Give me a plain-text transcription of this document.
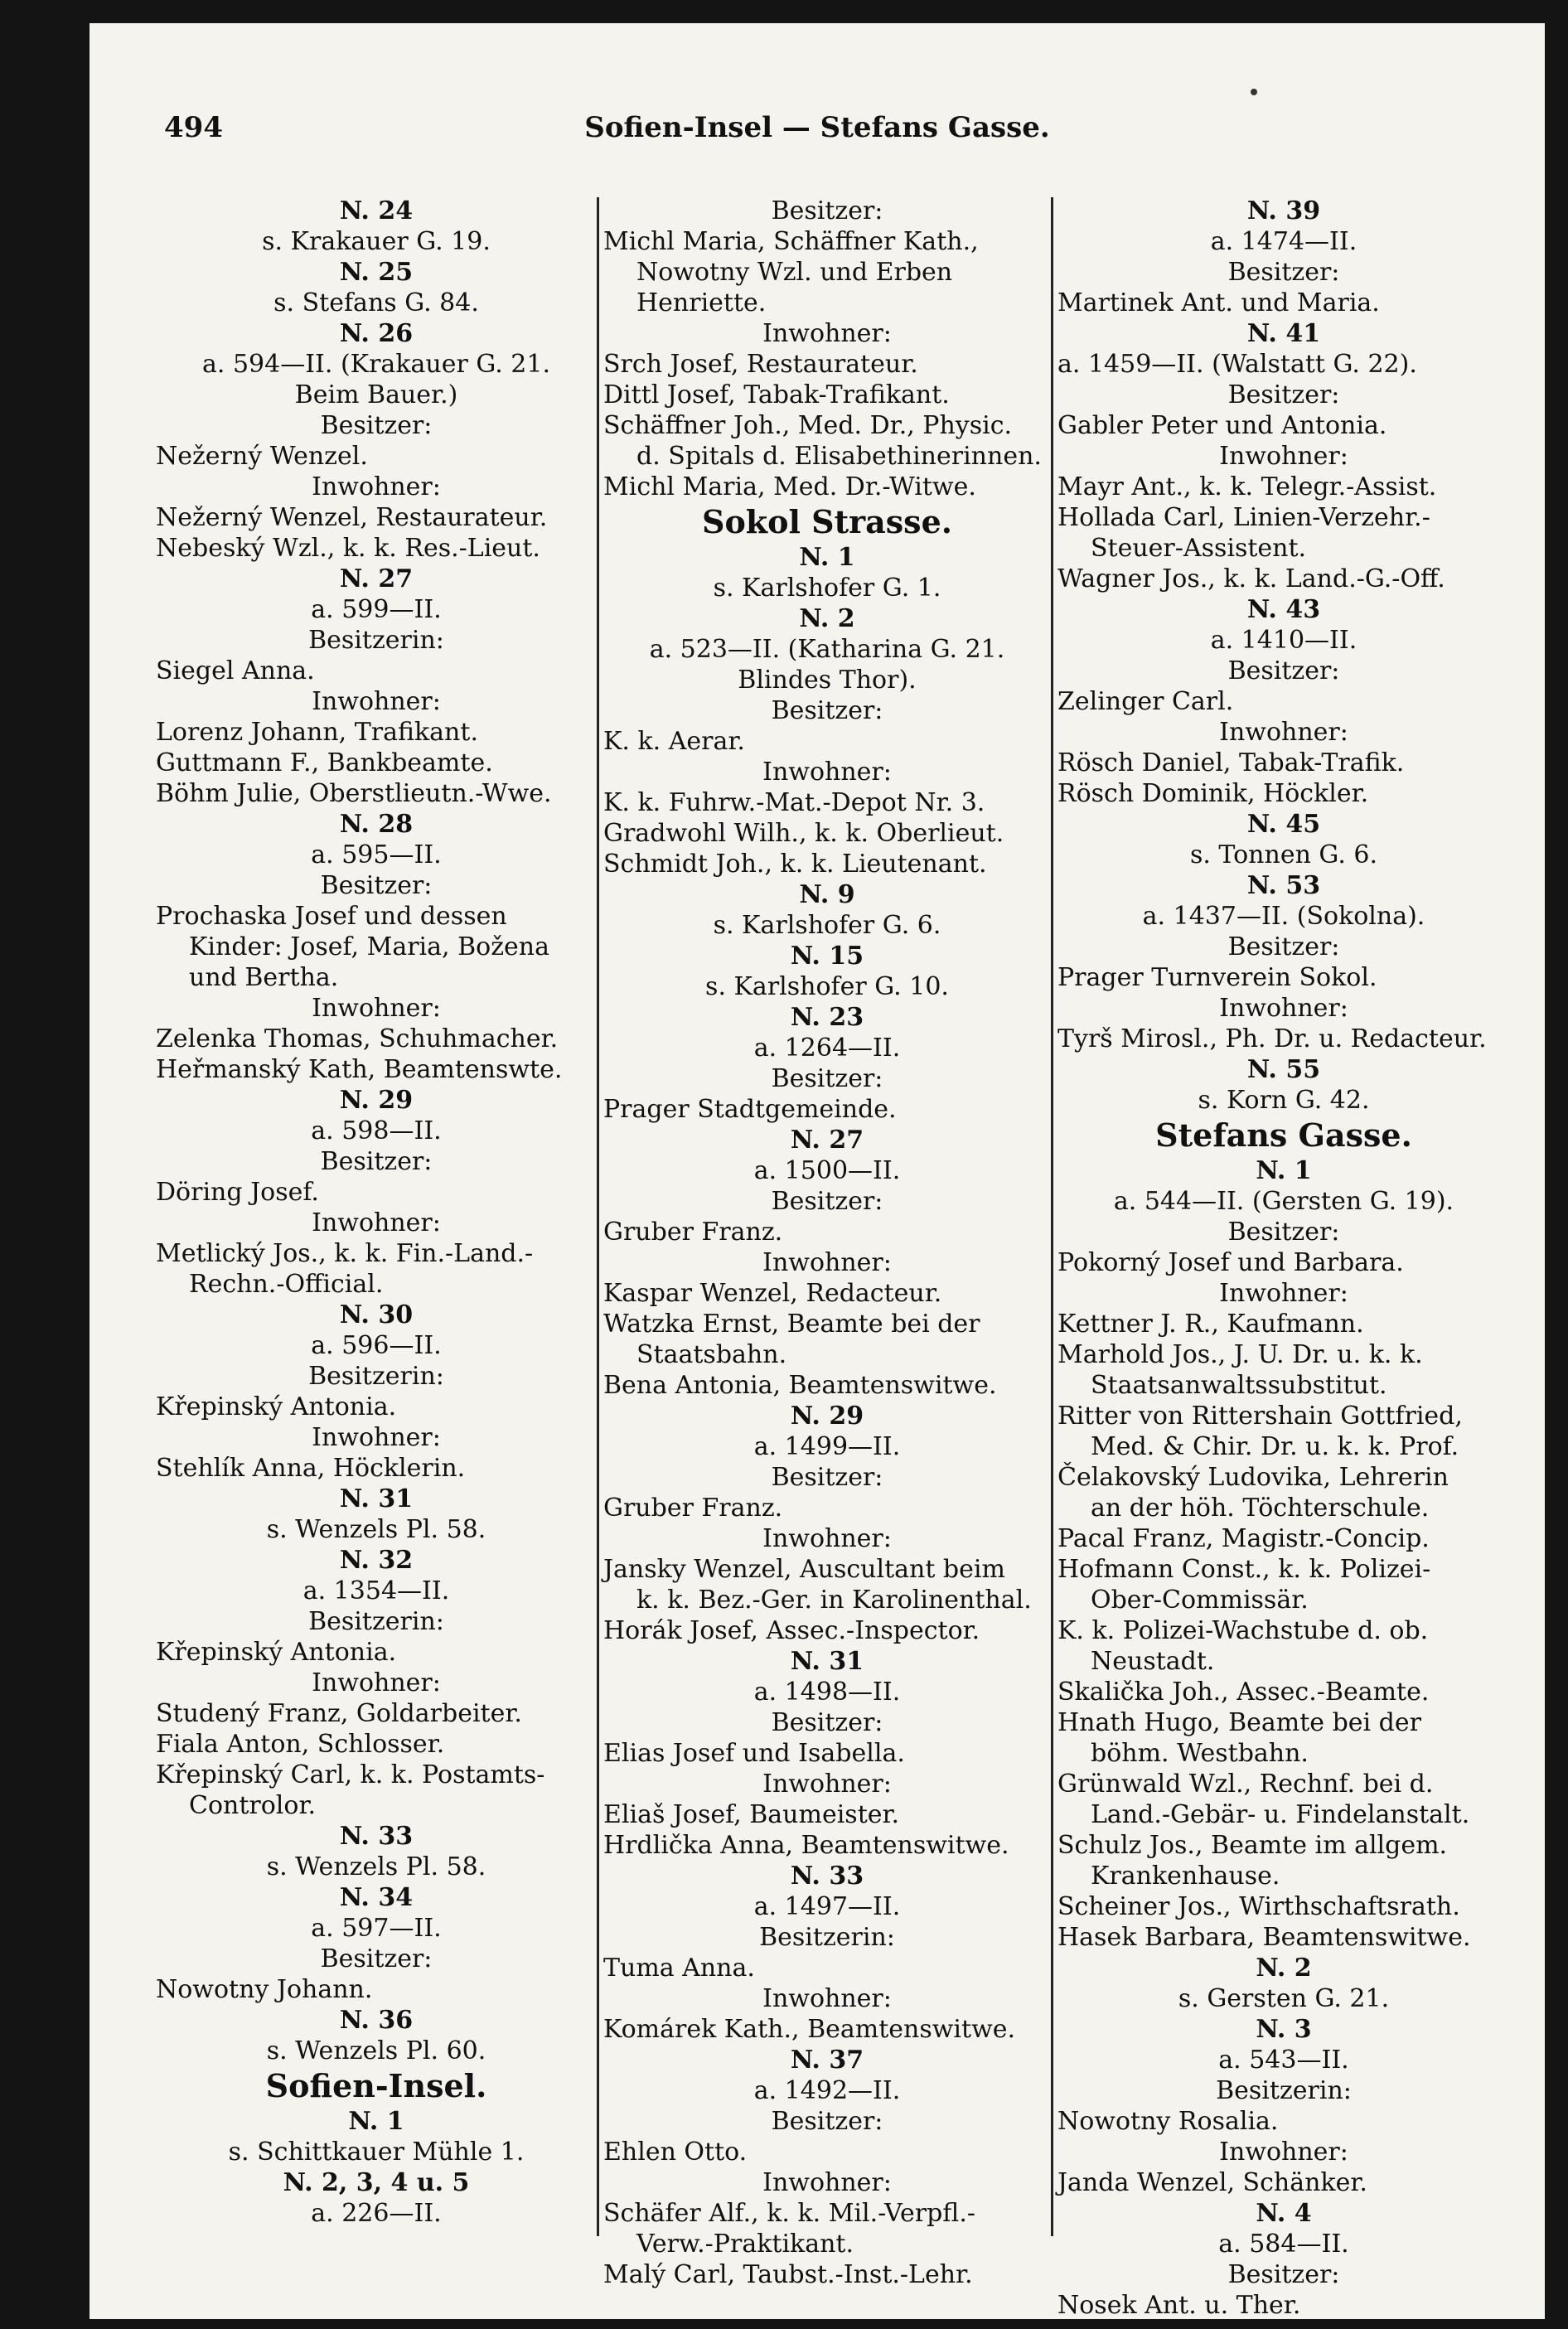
494	Sofien-Insel — Stefans Gasse.
N. 24
s. Krakauer G. 19.
N. 25
s. Stefans G. 84.
N. 26
a. 594—II. (Krakauer G. 21.
Beim Bauer.)
Besitzer:
Nežerný Wenzel.
Inwohner:
Nežerný Wenzel, Restaurateur.
Nebeský Wzl., k. k. Res.-Lieut.
N. 27
a. 599—II.
Besitzerin:
Siegel Anna.
Inwohner:
Lorenz Johann, Trafikant.
Guttmann F., Bankbeamte.
Böhm Julie, Oberstlieutn.-Wwe.
N. 28
a. 595—II.
Besitzer:
Prochaska Josef und dessen
Kinder: Josef, Maria, Božena
und Bertha.
Inwohner:
Zelenka Thomas, Schuhmacher.
Heřmanský Kath, Beamtenswte.
N. 29
a. 598—II.
Besitzer:
Döring Josef.
Inwohner:
Metlický Jos., k. k. Fin.-Land.-
Rechn.-Official.
N. 30
a. 596—II.
Besitzerin:
Křepinský Antonia.
Inwohner:
Stehlík Anna, Höcklerin.
N. 31
s. Wenzels Pl. 58.
N. 32
a. 1354—II.
Besitzerin:
Křepinský Antonia.
Inwohner:
Studený Franz, Goldarbeiter.
Fiala Anton, Schlosser.
Křepinský Carl, k. k. Postamts-
Controlor.
N. 33
s. Wenzels Pl. 58.
N. 34
a. 597—II.
Besitzer:
Nowotny Johann.
N. 36
s. Wenzels Pl. 60.
Sofien-Insel.
N. 1
s. Schittkauer Mühle 1.
N. 2, 3, 4 u. 5
a. 226—II.
Besitzer:
Michl Maria, Schäffner Kath.,
Nowotny Wzl. und Erben
Henriette.
Inwohner:
Srch Josef, Restaurateur.
Dittl Josef, Tabak-Trafikant.
Schäffner Joh., Med. Dr., Physic.
d. Spitals d. Elisabethinerinnen.
Michl Maria, Med. Dr.-Witwe.
Sokol Strasse.
N. 1
s. Karlshofer G. 1.
N. 2
a. 523—II. (Katharina G. 21.
Blindes Thor).
Besitzer:
K. k. Aerar.
Inwohner:
K. k. Fuhrw.-Mat.-Depot Nr. 3.
Gradwohl Wilh., k. k. Oberlieut.
Schmidt Joh., k. k. Lieutenant.
N. 9
s. Karlshofer G. 6.
N. 15
s. Karlshofer G. 10.
N. 23
a. 1264—II.
Besitzer:
Prager Stadtgemeinde.
N. 27
a. 1500—II.
Besitzer:
Gruber Franz.
Inwohner:
Kaspar Wenzel, Redacteur.
Watzka Ernst, Beamte bei der
Staatsbahn.
Bena Antonia, Beamtenswitwe.
N. 29
a. 1499—II.
Besitzer:
Gruber Franz.
Inwohner:
Jansky Wenzel, Auscultant beim
k. k. Bez.-Ger. in Karolinenthal.
Horák Josef, Assec.-Inspector.
N. 31
a. 1498—II.
Besitzer:
Elias Josef und Isabella.
Inwohner:
Eliaš Josef, Baumeister.
Hrdlička Anna, Beamtenswitwe.
N. 33
a. 1497—II.
Besitzerin:
Tuma Anna.
Inwohner:
Komárek Kath., Beamtenswitwe.
N. 37
a. 1492—II.
Besitzer:
Ehlen Otto.
Inwohner:
Schäfer Alf., k. k. Mil.-Verpfl.-
Verw.-Praktikant.
Malý Carl, Taubst.-Inst.-Lehr.
N. 39
a. 1474—II.
Besitzer:
Martinek Ant. und Maria.
N. 41
a. 1459—II. (Walstatt G. 22).
Besitzer:
Gabler Peter und Antonia.
Inwohner:
Mayr Ant., k. k. Telegr.-Assist.
Hollada Carl, Linien-Verzehr.-
Steuer-Assistent.
Wagner Jos., k. k. Land.-G.-Off.
N. 43
a. 1410—II.
Besitzer:
Zelinger Carl.
Inwohner:
Rösch Daniel, Tabak-Trafik.
Rösch Dominik, Höckler.
N. 45
s. Tonnen G. 6.
N. 53
a. 1437—II. (Sokolna).
Besitzer:
Prager Turnverein Sokol.
Inwohner:
Tyrš Mirosl., Ph. Dr. u. Redacteur.
N. 55
s. Korn G. 42.
Stefans Gasse.
N. 1
a. 544—II. (Gersten G. 19).
Besitzer:
Pokorný Josef und Barbara.
Inwohner:
Kettner J. R., Kaufmann.
Marhold Jos., J. U. Dr. u. k. k.
Staatsanwaltssubstitut.
Ritter von Rittershain Gottfried,
Med. & Chir. Dr. u. k. k. Prof.
Čelakovský Ludovika, Lehrerin
an der höh. Töchterschule.
Pacal Franz, Magistr.-Concip.
Hofmann Const., k. k. Polizei-
Ober-Commissär.
K. k. Polizei-Wachstube d. ob.
Neustadt.
Skalička Joh., Assec.-Beamte.
Hnath Hugo, Beamte bei der
böhm. Westbahn.
Grünwald Wzl., Rechnf. bei d.
Land.-Gebär- u. Findelanstalt.
Schulz Jos., Beamte im allgem.
Krankenhause.
Scheiner Jos., Wirthschaftsrath.
Hasek Barbara, Beamtenswitwe.
N. 2
s. Gersten G. 21.
N. 3
a. 543—II.
Besitzerin:
Nowotny Rosalia.
Inwohner:
Janda Wenzel, Schänker.
N. 4
a. 584—II.
Besitzer:
Nosek Ant. u. Ther.
